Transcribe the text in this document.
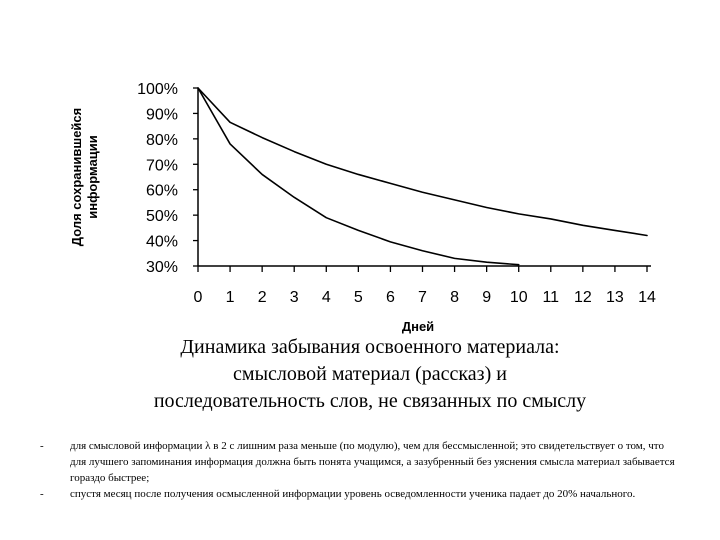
Доля сохранившейся информации
100%
90%
80%
70%
60%
50%
40%
30%
0 1 2 3 4 5 6 7 8 9 10 11 12 13 14
Дней
Динамика забывания освоенного материала:
смысловой материал (рассказ) и
последовательность слов, не связанных по смыслу
- для смысловой информации λ в 2 с лишним раза меньше (по модулю), чем для бессмысленной; это свидетельствует о том, что для лучшего запоминания информация должна быть понята учащимся, а зазубренный без уяснения смысла материал забывается гораздо быстрее;
- спустя месяц после получения осмысленной информации уровень осведомленности ученика падает до 20% начального.
